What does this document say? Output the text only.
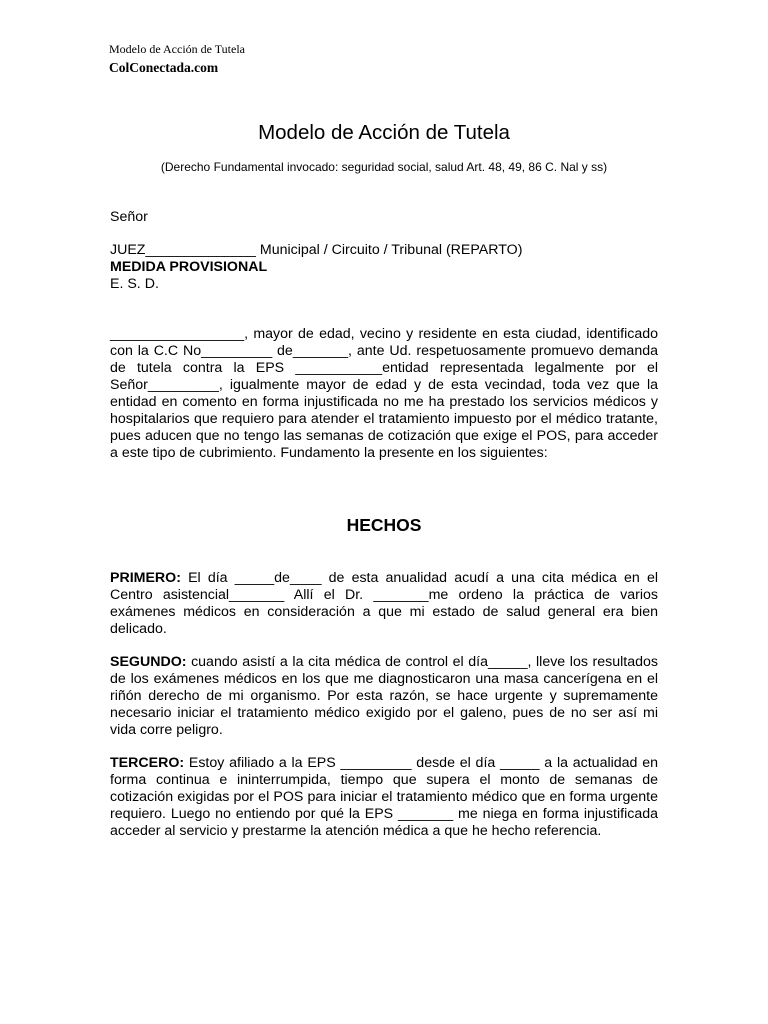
Modelo de Acción de Tutela
ColConectada.com
Modelo de Acción de Tutela
(Derecho Fundamental invocado: seguridad social, salud Art. 48, 49, 86 C. Nal y ss)
Señor
JUEZ______________ Municipal / Circuito / Tribunal (REPARTO)
MEDIDA PROVISIONAL
E. S. D.
_________________, mayor de edad, vecino y residente en esta ciudad, identificado con la C.C No_________ de_______, ante Ud. respetuosamente promuevo demanda de tutela contra la EPS ___________entidad representada legalmente por el Señor_________, igualmente mayor de edad y de esta vecindad, toda vez que la entidad en comento en forma injustificada no me ha prestado los servicios médicos y hospitalarios que requiero para atender el tratamiento impuesto por el médico tratante, pues aducen que no tengo las semanas de cotización que exige el POS, para acceder a este tipo de cubrimiento. Fundamento la presente en los siguientes:
HECHOS
PRIMERO: El día _____de____ de esta anualidad acudí a una cita médica en el Centro asistencial_______ Allí el Dr. _______me ordeno la práctica de varios exámenes médicos en consideración a que mi estado de salud general era bien delicado.
SEGUNDO: cuando asistí a la cita médica de control el día_____, lleve los resultados de los exámenes médicos en los que me diagnosticaron una masa cancerígena en el riñón derecho de mi organismo. Por esta razón, se hace urgente y supremamente necesario iniciar el tratamiento médico exigido por el galeno, pues de no ser así mi vida corre peligro.
TERCERO: Estoy afiliado a la EPS _________ desde el día _____ a la actualidad en forma continua e ininterrumpida, tiempo que supera el monto de semanas de cotización exigidas por el POS para iniciar el tratamiento médico que en forma urgente requiero. Luego no entiendo por qué la EPS _______ me niega en forma injustificada acceder al servicio y prestarme la atención médica a que he hecho referencia.
